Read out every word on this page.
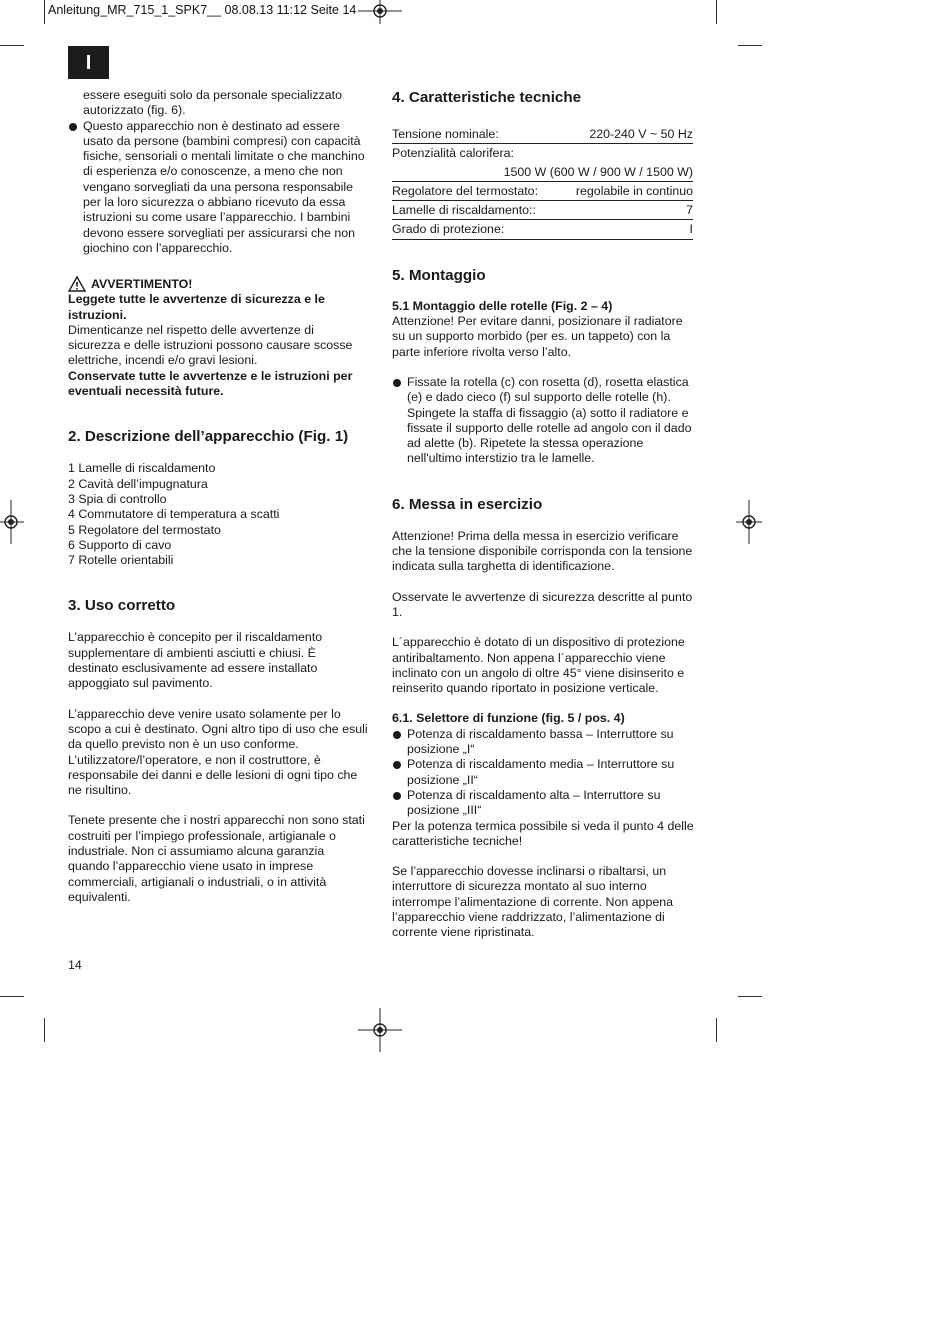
Anleitung_MR_715_1_SPK7__ 08.08.13 11:12 Seite 14
I

essere eseguiti solo da personale specializzato autorizzato (fig. 6).

Questo apparecchio non è destinato ad essere usato da persone (bambini compresi) con capacità fisiche, sensoriali o mentali limitate o che manchino di esperienza e/o conoscenze, a meno che non vengano sorvegliati da una persona responsabile per la loro sicurezza o abbiano ricevuto da essa istruzioni su come usare l’apparecchio. I bambini devono essere sorvegliati per assicurarsi che non giochino con l’apparecchio.

AVVERTIMENTO!

Leggete tutte le avvertenze di sicurezza e le istruzioni.

Dimenticanze nel rispetto delle avvertenze di sicurezza e delle istruzioni possono causare scosse elettriche, incendi e/o gravi lesioni.

Conservate tutte le avvertenze e le istruzioni per eventuali necessità future.

2. Descrizione dell’apparecchio (Fig. 1)

1 Lamelle di riscaldamento

2 Cavità dell’impugnatura

3 Spia di controllo

4 Commutatore di temperatura a scatti

5 Regolatore del termostato

6 Supporto di cavo

7 Rotelle orientabili

3. Uso corretto

L’apparecchio è concepito per il riscaldamento supplementare di ambienti asciutti e chiusi. È destinato esclusivamente ad essere installato appoggiato sul pavimento.

L’apparecchio deve venire usato solamente per lo scopo a cui è destinato. Ogni altro tipo di uso che esuli da quello previsto non è un uso conforme. L’utilizzatore/l’operatore, e non il costruttore, è responsabile dei danni e delle lesioni di ogni tipo che ne risultino.

Tenete presente che i nostri apparecchi non sono stati costruiti per l’impiego professionale, artigianale o industriale. Non ci assumiamo alcuna garanzia quando l’apparecchio viene usato in imprese commerciali, artigianali o industriali, o in attività equivalenti.

4. Caratteristiche tecniche
Tensione nominale:	220-240 V ~ 50 Hz
Potenzialità calorifera:	
1500 W (600 W / 900 W / 1500 W)	
Regolatore del termostato:	regolabile in continuo
Lamelle di riscaldamento::	7
Grado di protezione:	I
5. Montaggio

5.1 Montaggio delle rotelle (Fig. 2 – 4)

Attenzione! Per evitare danni, posizionare il radiatore su un supporto morbido (per es. un tappeto) con la parte inferiore rivolta verso l’alto.

Fissate la rotella (c) con rosetta (d), rosetta elastica (e) e dado cieco (f) sul supporto delle rotelle (h). Spingete la staffa di fissaggio (a) sotto il radiatore e fissate il supporto delle rotelle ad angolo con il dado ad alette (b). Ripetete la stessa operazione nell'ultimo interstizio tra le lamelle.

6. Messa in esercizio

Attenzione! Prima della messa in esercizio verificare che la tensione disponibile corrisponda con la tensione indicata sulla targhetta di identificazione.

Osservate le avvertenze di sicurezza descritte al punto 1.

L´apparecchio è dotato di un dispositivo di protezione antiribaltamento. Non appena l´apparecchio viene inclinato con un angolo di oltre 45° viene disinserito e reinserito quando riportato in posizione verticale.

6.1. Selettore di funzione (fig. 5 / pos. 4)

Potenza di riscaldamento bassa – Interruttore su posizione „I“

Potenza di riscaldamento media – Interruttore su posizione „II“

Potenza di riscaldamento alta – Interruttore su posizione „III“

Per la potenza termica possibile si veda il punto 4 delle caratteristiche tecniche!

Se l’apparecchio dovesse inclinarsi o ribaltarsi, un interruttore di sicurezza montato al suo interno interrompe l’alimentazione di corrente. Non appena l’apparecchio viene raddrizzato, l’alimentazione di corrente viene ripristinata.

14
